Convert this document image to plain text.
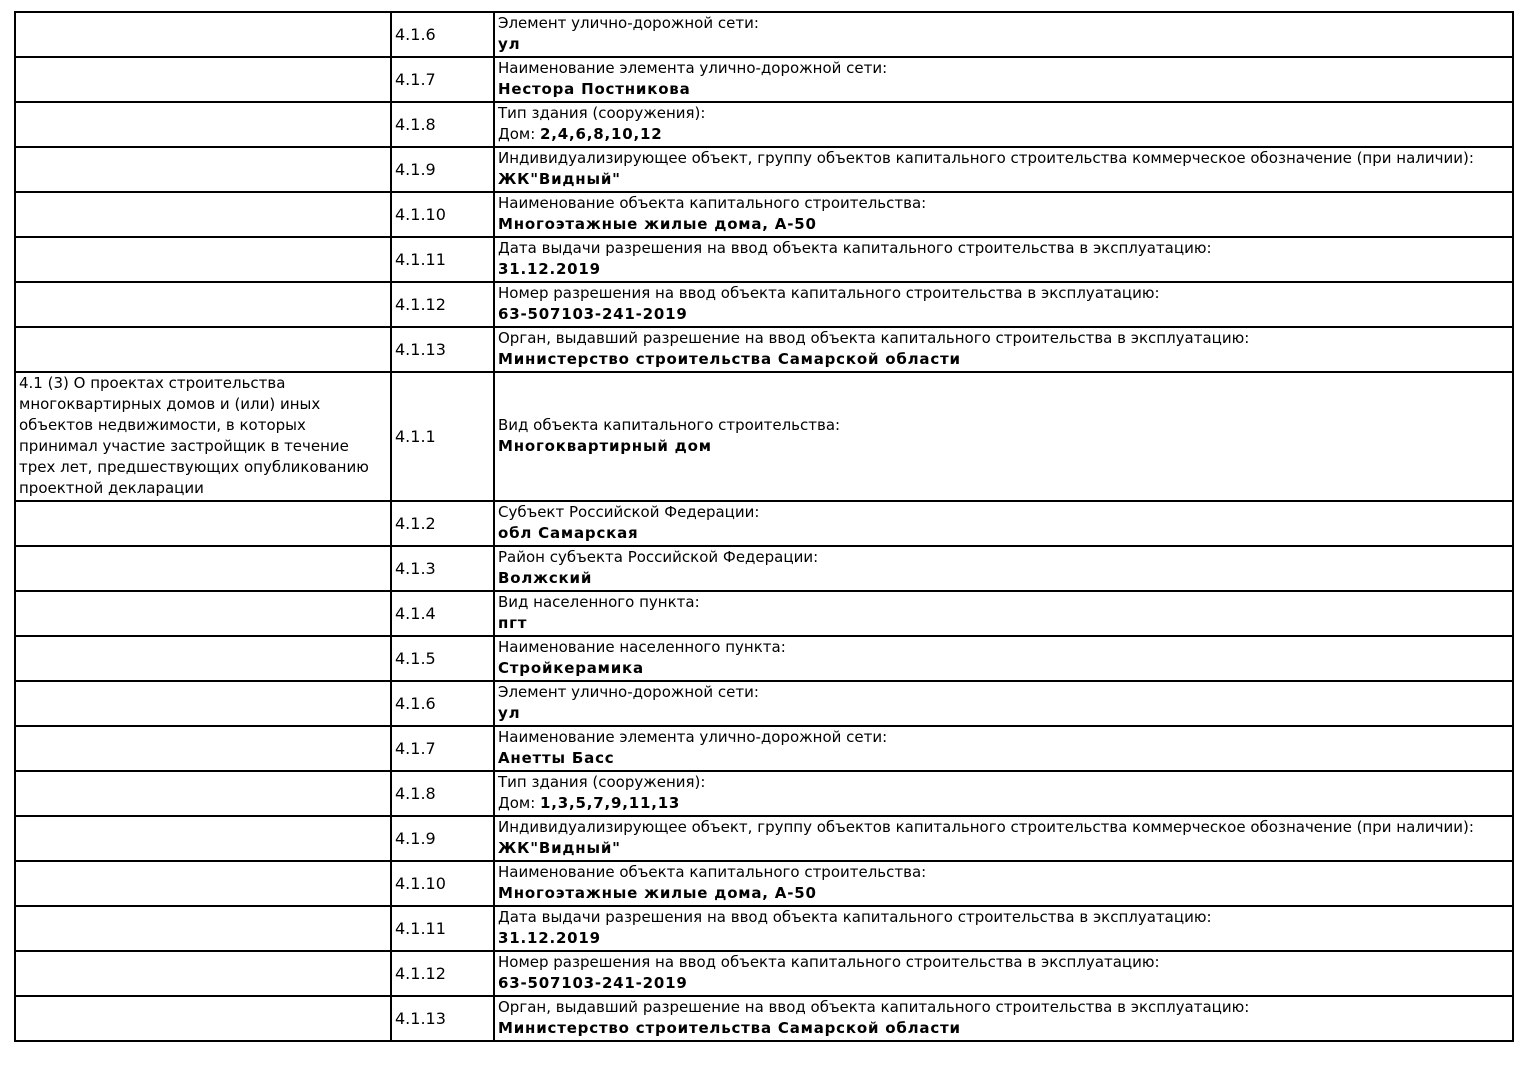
	4.1.6	Элемент улично-дорожной сети:
ул

	4.1.7	Наименование элемента улично-дорожной сети:
Нестора Постникова

	4.1.8	Тип здания (сооружения):
Дом: 2,4,6,8,10,12

	4.1.9	Индивидуализирующее объект, группу объектов капитального строительства коммерческое обозначение (при наличии):
ЖК"Видный"

	4.1.10	Наименование объекта капитального строительства:
Многоэтажные жилые дома, А-50

	4.1.11	Дата выдачи разрешения на ввод объекта капитального строительства в эксплуатацию:
31.12.2019

	4.1.12	Номер разрешения на ввод объекта капитального строительства в эксплуатацию:
63-507103-241-2019

	4.1.13	Орган, выдавший разрешение на ввод объекта капитального строительства в эксплуатацию:
Министерство строительства Самарской области

4.1 (3) О проектах строительства многоквартирных домов и (или) иных объектов недвижимости, в которых принимал участие застройщик в течение трех лет, предшествующих опубликованию проектной декларации	4.1.1	Вид объекта капитального строительства:
Многоквартирный дом

	4.1.2	Субъект Российской Федерации:
обл Самарская

	4.1.3	Район субъекта Российской Федерации:
Волжский

	4.1.4	Вид населенного пункта:
пгт

	4.1.5	Наименование населенного пункта:
Стройкерамика

	4.1.6	Элемент улично-дорожной сети:
ул

	4.1.7	Наименование элемента улично-дорожной сети:
Анетты Басс

	4.1.8	Тип здания (сооружения):
Дом: 1,3,5,7,9,11,13

	4.1.9	Индивидуализирующее объект, группу объектов капитального строительства коммерческое обозначение (при наличии):
ЖК"Видный"

	4.1.10	Наименование объекта капитального строительства:
Многоэтажные жилые дома, А-50

	4.1.11	Дата выдачи разрешения на ввод объекта капитального строительства в эксплуатацию:
31.12.2019

	4.1.12	Номер разрешения на ввод объекта капитального строительства в эксплуатацию:
63-507103-241-2019

	4.1.13	Орган, выдавший разрешение на ввод объекта капитального строительства в эксплуатацию:
Министерство строительства Самарской области
